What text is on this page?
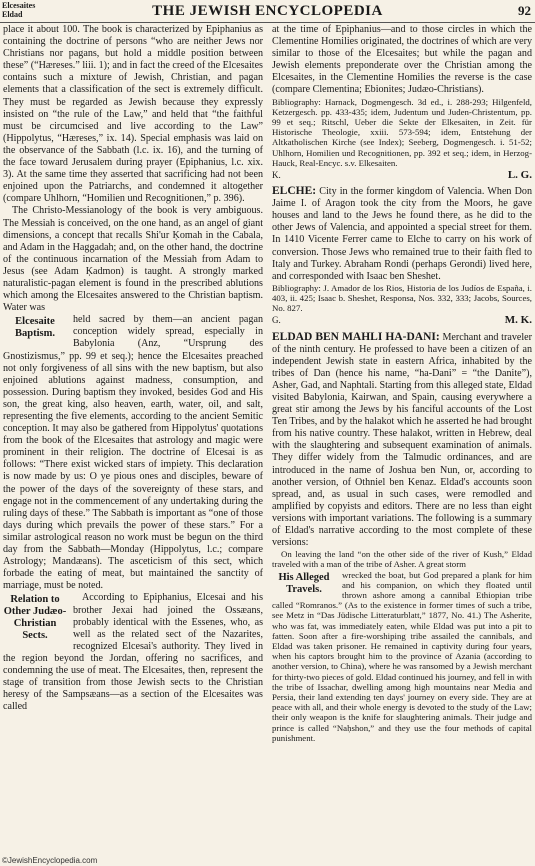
Elcesaites
Eldad	THE JEWISH ENCYCLOPEDIA	92

place it about 100. The book is characterized by Epiphanius as containing the doctrine of persons “who are neither Jews nor Christians nor pagans, but hold a middle position between these” (“Hæreses.” liii. 1); and in fact the creed of the Elcesaites contains such a mixture of Jewish, Christian, and pagan elements that a classification of the sect is extremely difficult. They must be regarded as Jewish because they expressly insisted on “the rule of the Law,” and held that “the faithful must be circumcised and live according to the Law” (Hippolytus, “Hæreses,” ix. 14). Special emphasis was laid on the observance of the Sabbath (l.c. ix. 16), and the turning of the face toward Jerusalem during prayer (Epiphanius, l.c. xix. 3). At the same time they asserted that sacrificing had not been enjoined upon the Patriarchs, and condemned it altogether (compare Uhlhorn, “Homilien und Recognitionen,” p. 396).

The Christo-Messianology of the book is very ambiguous. The Messiah is conceived, on the one hand, as an angel of giant dimensions, a concept that recalls Shi'ur Ḳomah in the Cabala, and Adam in the Haggadah; and, on the other hand, the doctrine of the continuous incarnation of the Messiah from Adam to Jesus (see Adam Ḳadmon) is taught. A strongly marked naturalistic-pagan element is found in the prescribed ablutions which among the Elcesaites answered to the Christian baptism. Water was

Elcesaite Baptism.

held sacred by them—an ancient pagan conception widely spread, especially in Babylonia (Anz, “Ursprung des Gnostizismus,” pp. 99 et seq.); hence the Elcesaites preached not only forgiveness of all sins with the new baptism, but also enjoined ablutions against madness, consumption, and possession. During baptism they invoked, besides God and His son, the great king, also heaven, earth, water, oil, and salt, representing the five elements, according to the ancient Semitic conception. It may also be gathered from Hippolytus' quotations from the book of the Elcesaites that astrology and magic were prominent in their religion. The doctrine of Elcesai is as follows: “There exist wicked stars of impiety. This declaration is now made by us: O ye pious ones and disciples, beware of the power of the days of the sovereignty of these stars, and engage not in the commencement of any undertaking during the ruling days of these.” The Sabbath is important as “one of those days during which prevails the power of these stars.” For a similar astrological reason no work must be begun on the third day from the Sabbath—Monday (Hippolytus, l.c.; compare Astrology; Mandæans). The asceticism of this sect, which forbade the eating of meat, but maintained the sanctity of marriage, must be noted.

Relation to Other Judæo-Christian Sects.

According to Epiphanius, Elcesai and his brother Jexai had joined the Ossæans, probably identical with the Essenes, who, as well as the related sect of the Nazarites, recognized Elcesai's authority. They lived in the region beyond the Jordan, offering no sacrifices, and condemning the use of meat. The Elcesaites, then, represent the stage of transition from those Jewish sects to the Christian heresy of the Sampsæans—as a section of the Elcesaites was called

at the time of Epiphanius—and to those circles in which the Clementine Homilies originated, the doctrines of which are very similar to those of the Elcesaites; but while the pagan and Jewish elements preponderate over the Christian among the Elcesaites, in the Clementine Homilies the reverse is the case (compare Clementina; Ebionites; Judæo-Christians).

Bibliography: Harnack, Dogmengesch. 3d ed., i. 288-293; Hilgenfeld, Ketzergesch. pp. 433-435; idem, Judentum und Juden-Christentum, pp. 99 et seq.; Ritschl, Ueber die Sekte der Elkesaiten, in Zeit. für Historische Theologie, xxiii. 573-594; idem, Entstehung der Altkatholischen Kirche (see Index); Seeberg, Dogmengesch. i. 51-52; Uhlhorn, Homilien und Recognitionen, pp. 392 et seq.; idem, in Herzog-Hauck, Real-Encyc. s.v. Elkesaiten.

K.	L. G.

ELCHE: City in the former kingdom of Valencia. When Don Jaime I. of Aragon took the city from the Moors, he gave houses and land to the Jews he found there, as he did to the other Jews of Valencia, and appointed a special street for them. In 1410 Vicente Ferrer came to Elche to carry on his work of conversion. Those Jews who remained true to their faith fled to Italy and Turkey. Abraham Rondi (perhaps Gerondi) lived here, and corresponded with Isaac ben Sheshet.

Bibliography: J. Amador de los Rios, Historia de los Judíos de España, i. 403, ii. 425; Isaac b. Sheshet, Responsa, Nos. 332, 333; Jacobs, Sources, No. 827.

G.	M. K.

ELDAD BEN MAHLI HA-DANI: Merchant and traveler of the ninth century. He professed to have been a citizen of an independent Jewish state in eastern Africa, inhabited by the tribes of Dan (hence his name, “ha-Dani” = “the Danite”), Asher, Gad, and Naphtali. Starting from this alleged state, Eldad visited Babylonia, Kairwan, and Spain, causing everywhere a great stir among the Jews by his fanciful accounts of the Lost Ten Tribes, and by the halakot which he asserted he had brought from his native country. These halakot, written in Hebrew, deal with the slaughtering and subsequent examination of animals. They differ widely from the Talmudic ordinances, and are introduced in the name of Joshua ben Nun, or, according to another version, of Othniel ben Kenaz. Eldad's accounts soon spread, and, as usual in such cases, were remodled and amplified by copyists and editors. There are no less than eight versions with important variations. The following is a summary of Eldad's narrative according to the most complete of these versions:

On leaving the land “on the other side of the river of Kush,” Eldad traveled with a man of the tribe of Asher. A great storm

His Alleged Travels.

wrecked the boat, but God prepared a plank for him and his companion, on which they floated until thrown ashore among a cannibal Ethiopian tribe called “Romranos.” (As to the existence in former times of such a tribe, see Metz in “Das Jüdische Litteraturblatt,” 1877, No. 41.) The Asherite, who was fat, was immediately eaten, while Eldad was put into a pit to fatten. Soon after a fire-worshiping tribe assailed the cannibals, and Eldad was taken prisoner. He remained in captivity during four years, when his captors brought him to the province of Azania (according to another version, to China), where he was ransomed by a Jewish merchant for thirty-two pieces of gold. Eldad continued his journey, and fell in with the tribe of Issachar, dwelling among high mountains near Media and Persia, their land extending ten days' journey on every side. They are at peace with all, and their whole energy is devoted to the study of the Law; their only weapon is the knife for slaughtering animals. Their judge and prince is called “Naḥshon,” and they use the four methods of capital punishment.

©JewishEncyclopedia.com
